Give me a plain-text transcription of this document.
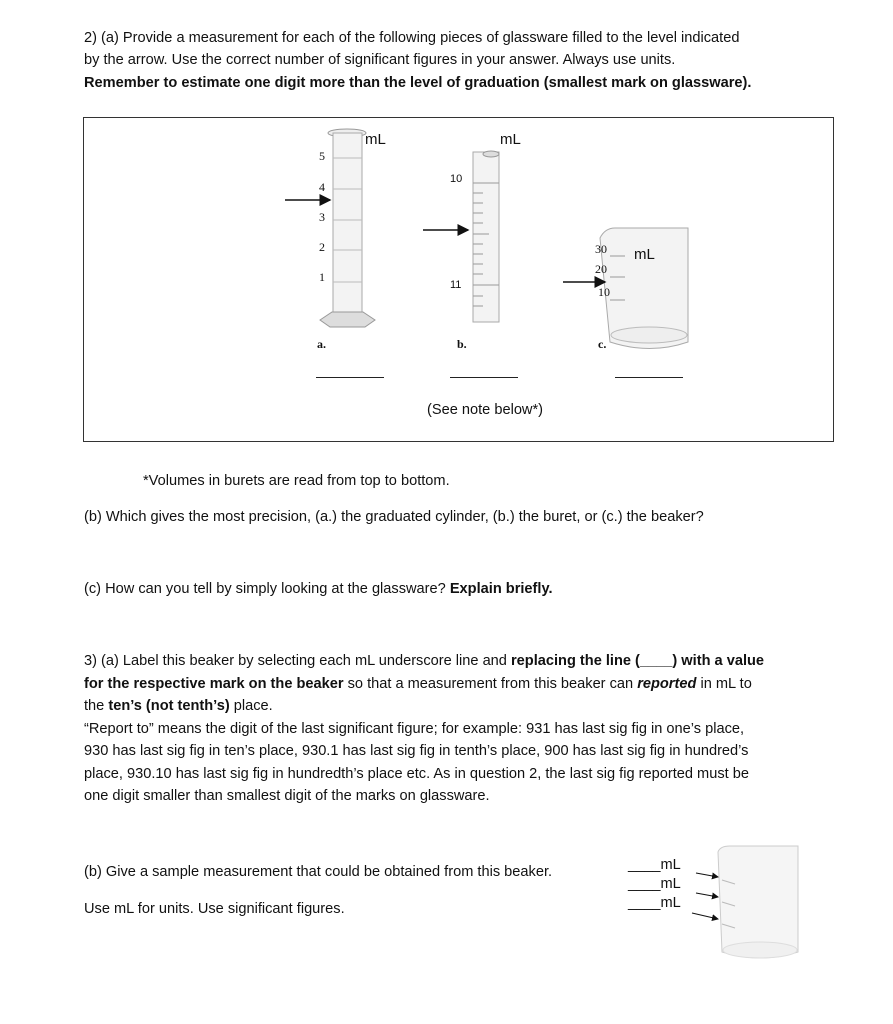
2) (a) Provide a measurement for each of the following pieces of glassware filled to the level indicated
by the arrow. Use the correct number of significant figures in your answer. Always use units.
Remember to estimate one digit more than the level of graduation (smallest mark on glassware).
mL	mL
mL
5
4
3
2
1
10
11
30
20
10
a.	b.	c.
(See note below*)
*Volumes in burets are read from top to bottom.
(b) Which gives the most precision, (a.) the graduated cylinder, (b.) the buret, or (c.) the beaker?
(c) How can you tell by simply looking at the glassware? Explain briefly.
3) (a) Label this beaker by selecting each mL underscore line and replacing the line (____) with a value
for the respective mark on the beaker so that a measurement from this beaker can reported in mL to
the ten’s (not tenth’s) place.
“Report to” means the digit of the last significant figure; for example: 931 has last sig fig in one’s place,
930 has last sig fig in ten’s place, 930.1 has last sig fig in tenth’s place, 900 has last sig fig in hundred’s
place, 930.10 has last sig fig in hundredth’s place etc. As in question 2, the last sig fig reported must be
one digit smaller than smallest digit of the marks on glassware.
(b) Give a sample measurement that could be obtained from this beaker.
Use mL for units. Use significant figures.
____mL
____mL
____mL
